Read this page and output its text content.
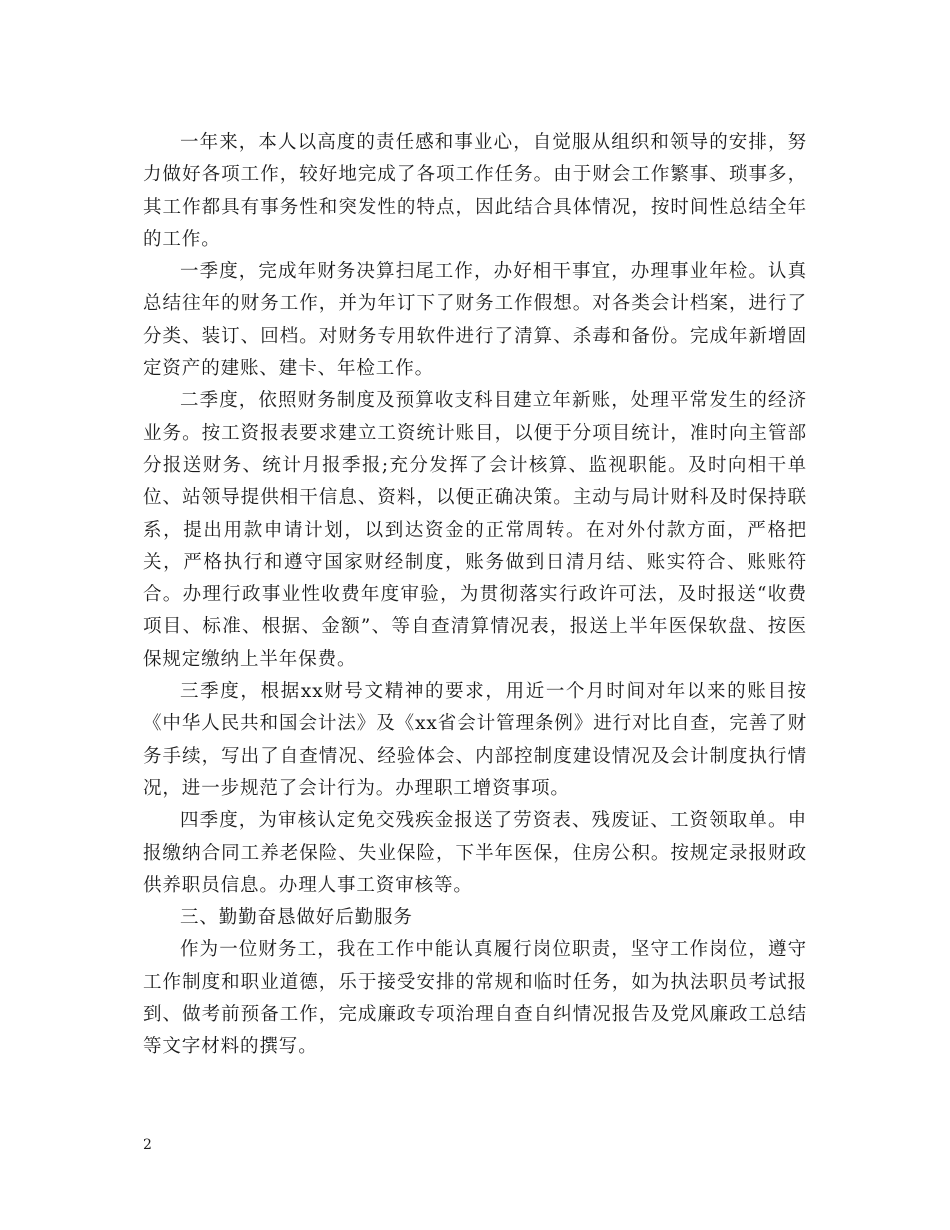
一年来，本人以高度的责任感和事业心，自觉服从组织和领导的安排，努力做好各项工作，较好地完成了各项工作任务。由于财会工作繁事、琐事多，其工作都具有事务性和突发性的特点，因此结合具体情况，按时间性总结全年的工作。

一季度，完成年财务决算扫尾工作，办好相干事宜，办理事业年检。认真总结往年的财务工作，并为年订下了财务工作假想。对各类会计档案，进行了分类、装订、回档。对财务专用软件进行了清算、杀毒和备份。完成年新增固定资产的建账、建卡、年检工作。

二季度，依照财务制度及预算收支科目建立年新账，处理平常发生的经济业务。按工资报表要求建立工资统计账目，以便于分项目统计，准时向主管部分报送财务、统计月报季报;充分发挥了会计核算、监视职能。及时向相干单位、站领导提供相干信息、资料，以便正确决策。主动与局计财科及时保持联系，提出用款申请计划，以到达资金的正常周转。在对外付款方面，严格把关，严格执行和遵守国家财经制度，账务做到日清月结、账实符合、账账符合。办理行政事业性收费年度审验，为贯彻落实行政许可法，及时报送“收费项目、标准、根据、金额”、等自查清算情况表，报送上半年医保软盘、按医保规定缴纳上半年保费。

三季度，根据xx财号文精神的要求，用近一个月时间对年以来的账目按《中华人民共和国会计法》及《xx省会计管理条例》进行对比自查，完善了财务手续，写出了自查情况、经验体会、内部控制度建设情况及会计制度执行情况，进一步规范了会计行为。办理职工增资事项。

四季度，为审核认定免交残疾金报送了劳资表、残废证、工资领取单。申报缴纳合同工养老保险、失业保险，下半年医保，住房公积。按规定录报财政供养职员信息。办理人事工资审核等。

三、勤勤奋恳做好后勤服务

作为一位财务工，我在工作中能认真履行岗位职责，坚守工作岗位，遵守工作制度和职业道德，乐于接受安排的常规和临时任务，如为执法职员考试报到、做考前预备工作，完成廉政专项治理自查自纠情况报告及党风廉政工总结等文字材料的撰写。

2
